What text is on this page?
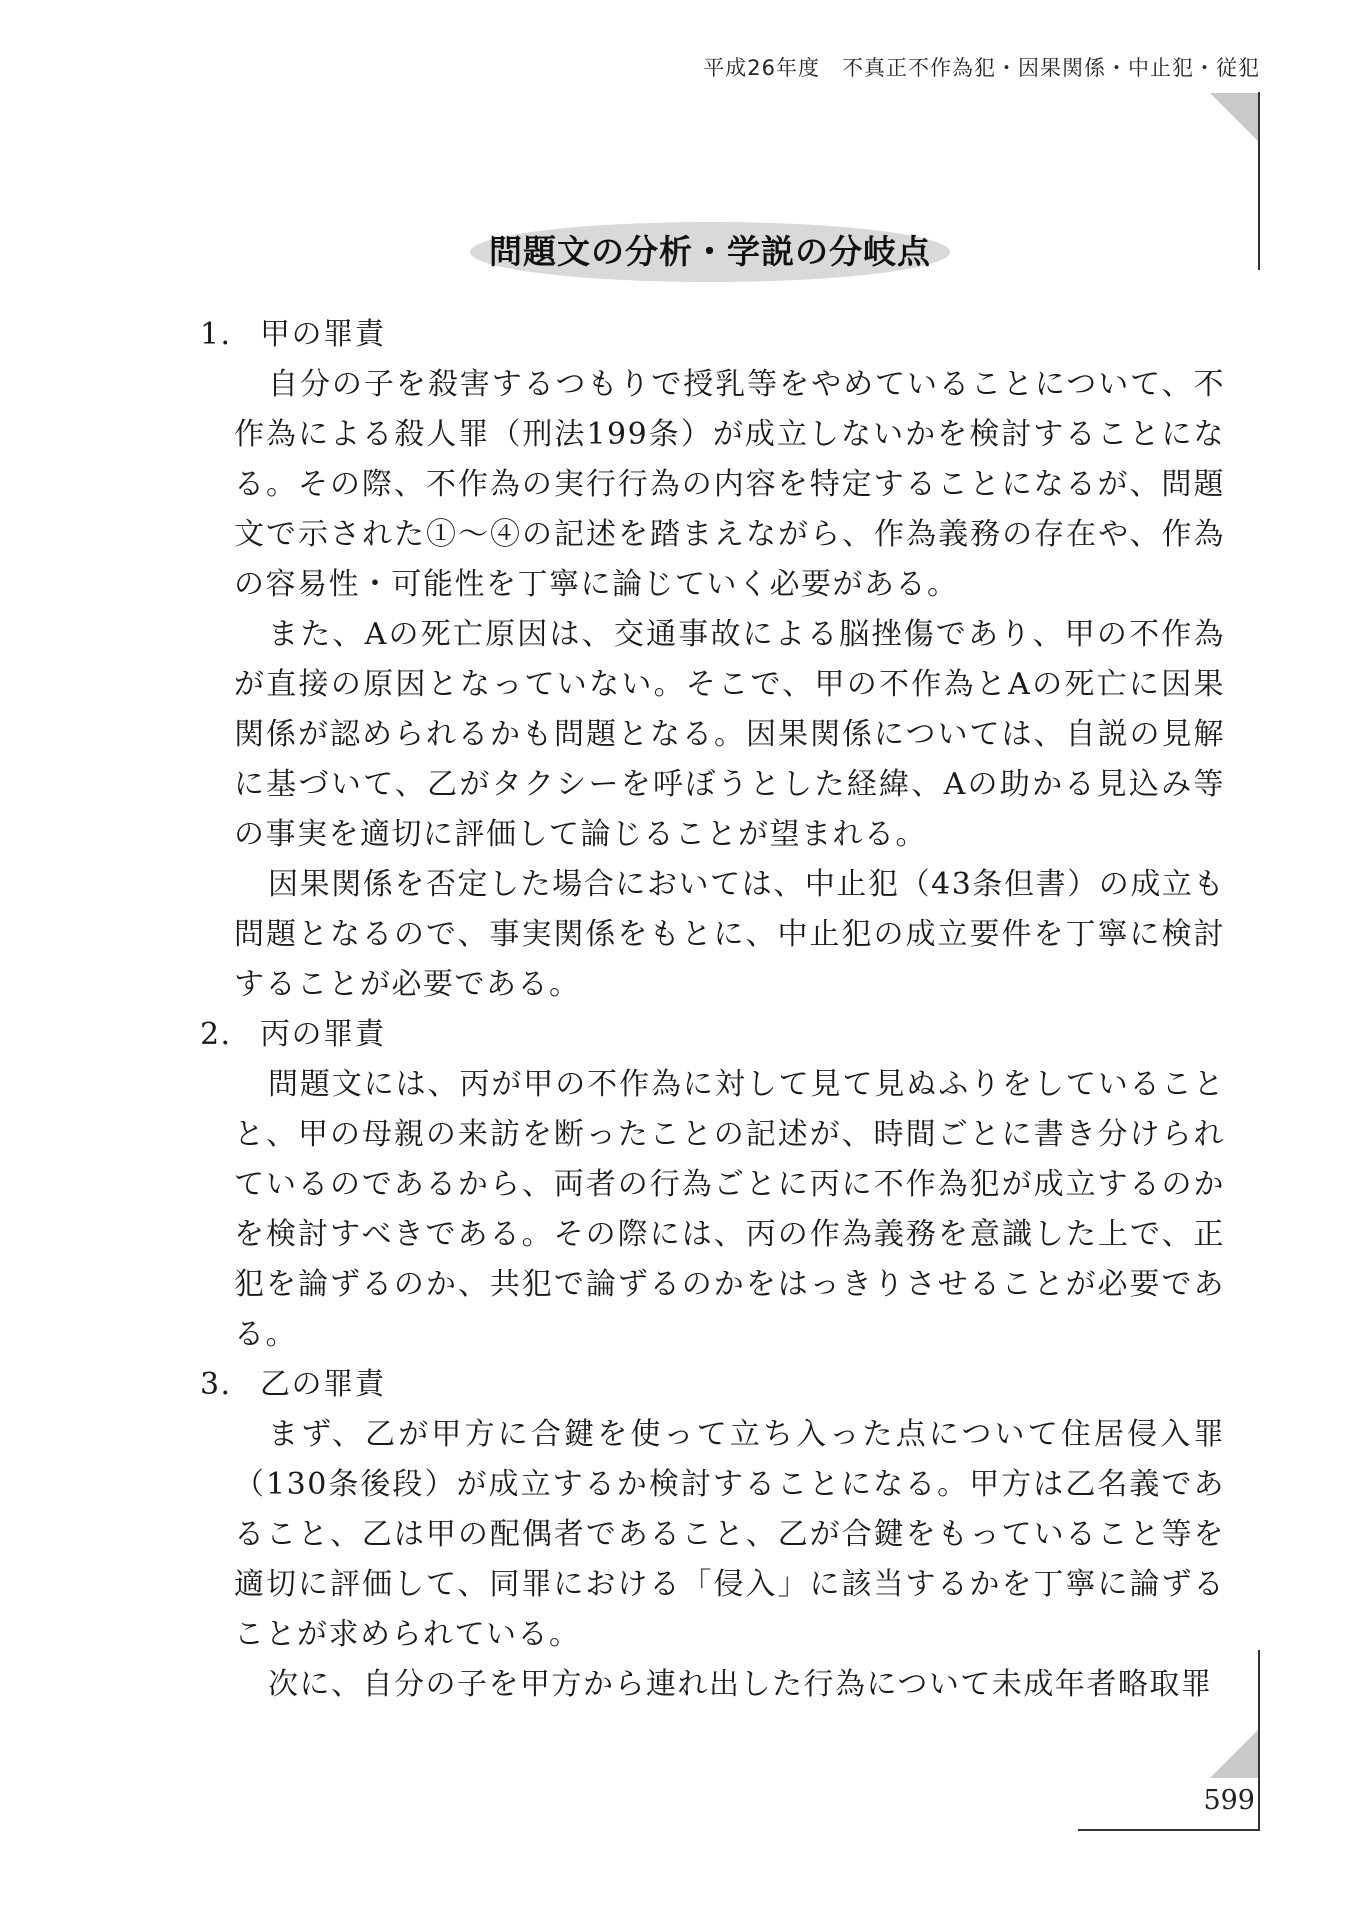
平成26年度　不真正不作為犯・因果関係・中止犯・従犯
問題文の分析・学説の分岐点

1． 甲の罪責

自分の子を殺害するつもりで授乳等をやめていることについて、不作為による殺人罪（刑法199条）が成立しないかを検討することになる。その際、不作為の実行行為の内容を特定することになるが、問題文で示された①〜④の記述を踏まえながら、作為義務の存在や、作為の容易性・可能性を丁寧に論じていく必要がある。

また、Aの死亡原因は、交通事故による脳挫傷であり、甲の不作為が直接の原因となっていない。そこで、甲の不作為とAの死亡に因果関係が認められるかも問題となる。因果関係については、自説の見解に基づいて、乙がタクシーを呼ぼうとした経緯、Aの助かる見込み等の事実を適切に評価して論じることが望まれる。

因果関係を否定した場合においては、中止犯（43条但書）の成立も問題となるので、事実関係をもとに、中止犯の成立要件を丁寧に検討することが必要である。

2． 丙の罪責

問題文には、丙が甲の不作為に対して見て見ぬふりをしていることと、甲の母親の来訪を断ったことの記述が、時間ごとに書き分けられているのであるから、両者の行為ごとに丙に不作為犯が成立するのかを検討すべきである。その際には、丙の作為義務を意識した上で、正犯を論ずるのか、共犯で論ずるのかをはっきりさせることが必要である。

3． 乙の罪責

まず、乙が甲方に合鍵を使って立ち入った点について住居侵入罪（130条後段）が成立するか検討することになる。甲方は乙名義であること、乙は甲の配偶者であること、乙が合鍵をもっていること等を適切に評価して、同罪における「侵入」に該当するかを丁寧に論ずることが求められている。

次に、自分の子を甲方から連れ出した行為について未成年者略取罪

599
